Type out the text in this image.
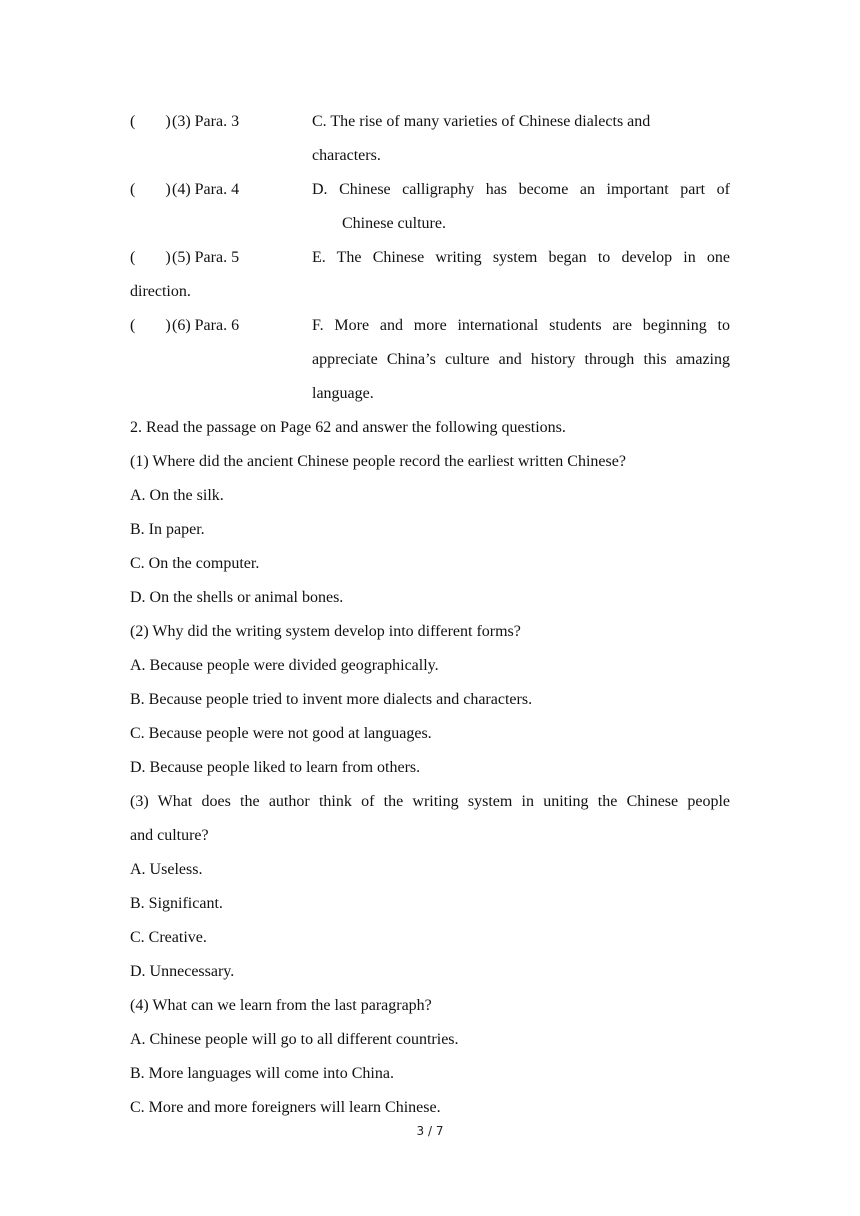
( )(3) Para. 3	C. The rise of many varieties of Chinese dialects and
characters.
( )(4) Para. 4	D. Chinese calligraphy has become an important part of
Chinese culture.
( )(5) Para. 5	E. The Chinese writing system began to develop in one
direction.
( )(6) Para. 6	F. More and more international students are beginning to
appreciate China’s culture and history through this amazing
language.
2. Read the passage on Page 62 and answer the following questions.
(1) Where did the ancient Chinese people record the earliest written Chinese?
A. On the silk.
B. In paper.
C. On the computer.
D. On the shells or animal bones.
(2) Why did the writing system develop into different forms?
A. Because people were divided geographically.
B. Because people tried to invent more dialects and characters.
C. Because people were not good at languages.
D. Because people liked to learn from others.
(3) What does the author think of the writing system in uniting the Chinese people
and culture?
A. Useless.
B. Significant.
C. Creative.
D. Unnecessary.
(4) What can we learn from the last paragraph?
A. Chinese people will go to all different countries.
B. More languages will come into China.
C. More and more foreigners will learn Chinese.
3 / 7
